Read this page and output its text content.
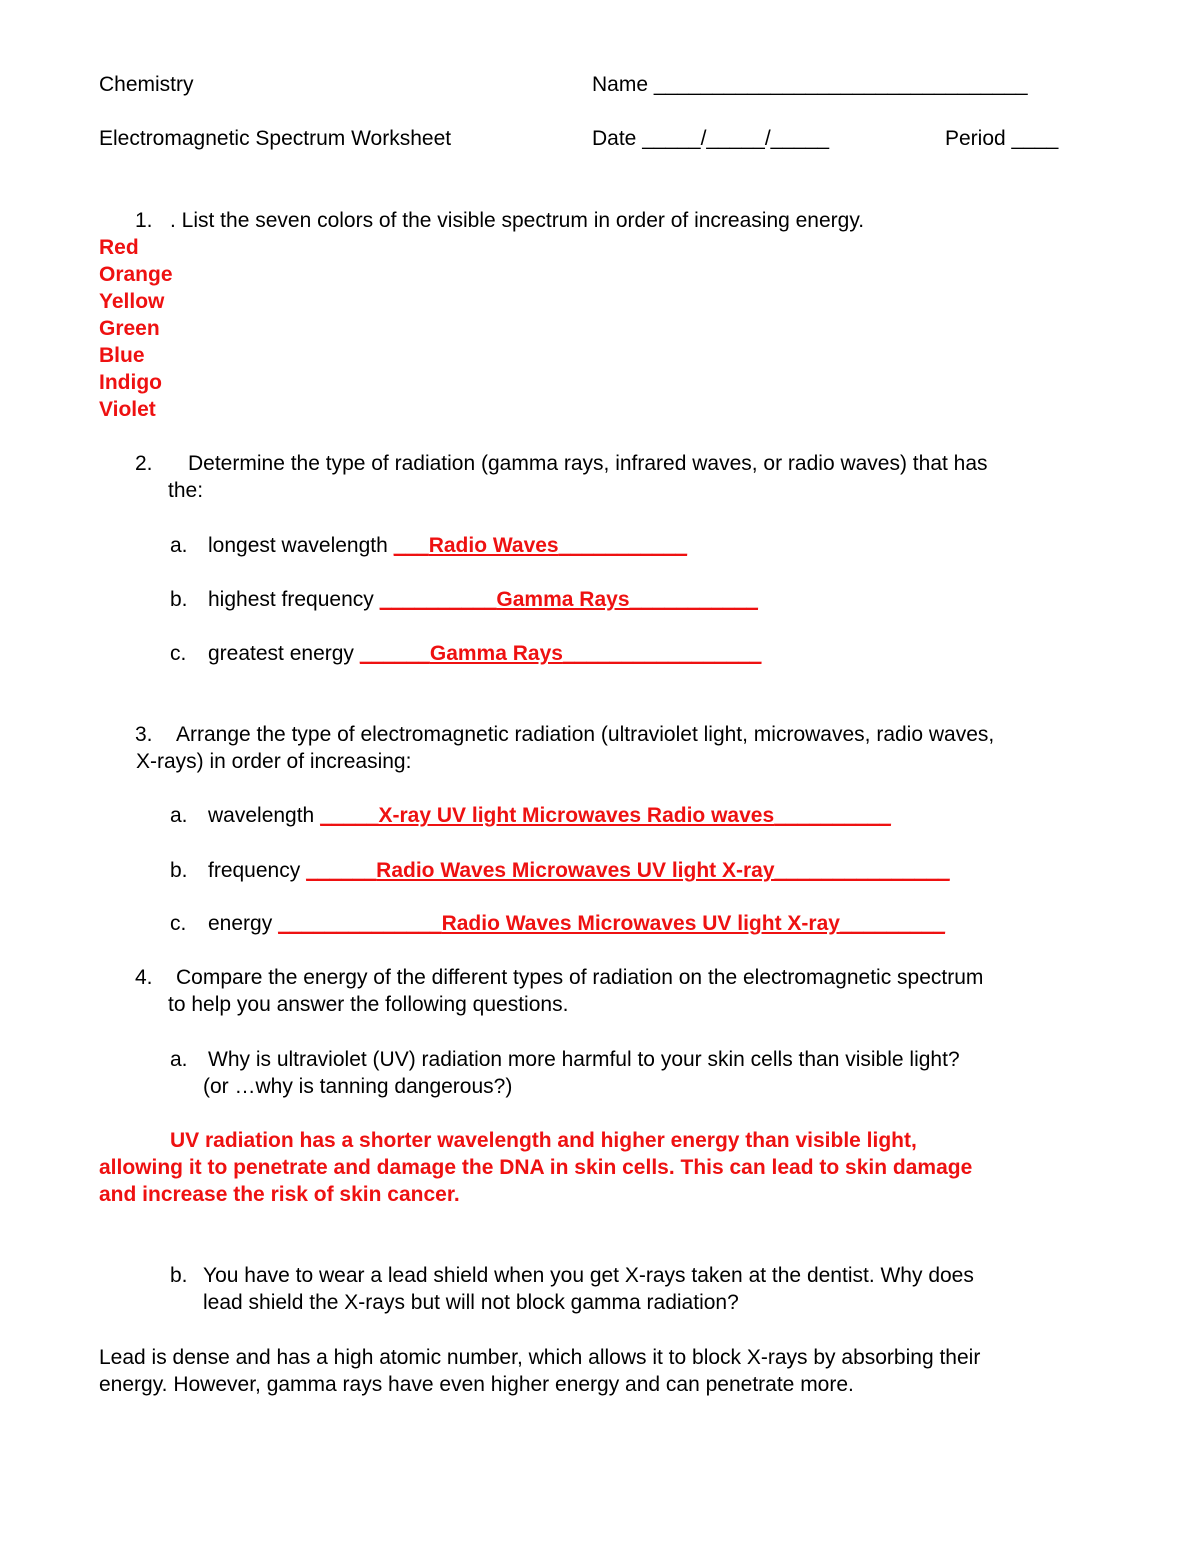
Chemistry	Name ________________________________
Electromagnetic Spectrum Worksheet	Date _____/_____/_____	Period ____
1. . List the seven colors of the visible spectrum in order of increasing energy.
Red
Orange
Yellow
Green
Blue
Indigo
Violet
2. Determine the type of radiation (gamma rays, infrared waves, or radio waves) that has
the:
a. longest wavelength ___Radio Waves___________
b. highest frequency __________Gamma Rays___________
c. greatest energy ______Gamma Rays_________________
3. Arrange the type of electromagnetic radiation (ultraviolet light, microwaves, radio waves,
X-rays) in order of increasing:
a. wavelength _____X-ray UV light Microwaves Radio waves__________
b. frequency ______Radio Waves Microwaves UV light X-ray_______________
c. energy ______________Radio Waves Microwaves UV light X-ray_________
4. Compare the energy of the different types of radiation on the electromagnetic spectrum
to help you answer the following questions.
a. Why is ultraviolet (UV) radiation more harmful to your skin cells than visible light?
(or …why is tanning dangerous?)
UV radiation has a shorter wavelength and higher energy than visible light,
allowing it to penetrate and damage the DNA in skin cells. This can lead to skin damage
and increase the risk of skin cancer.
b. You have to wear a lead shield when you get X-rays taken at the dentist. Why does
lead shield the X-rays but will not block gamma radiation?
Lead is dense and has a high atomic number, which allows it to block X-rays by absorbing their
energy. However, gamma rays have even higher energy and can penetrate more.
